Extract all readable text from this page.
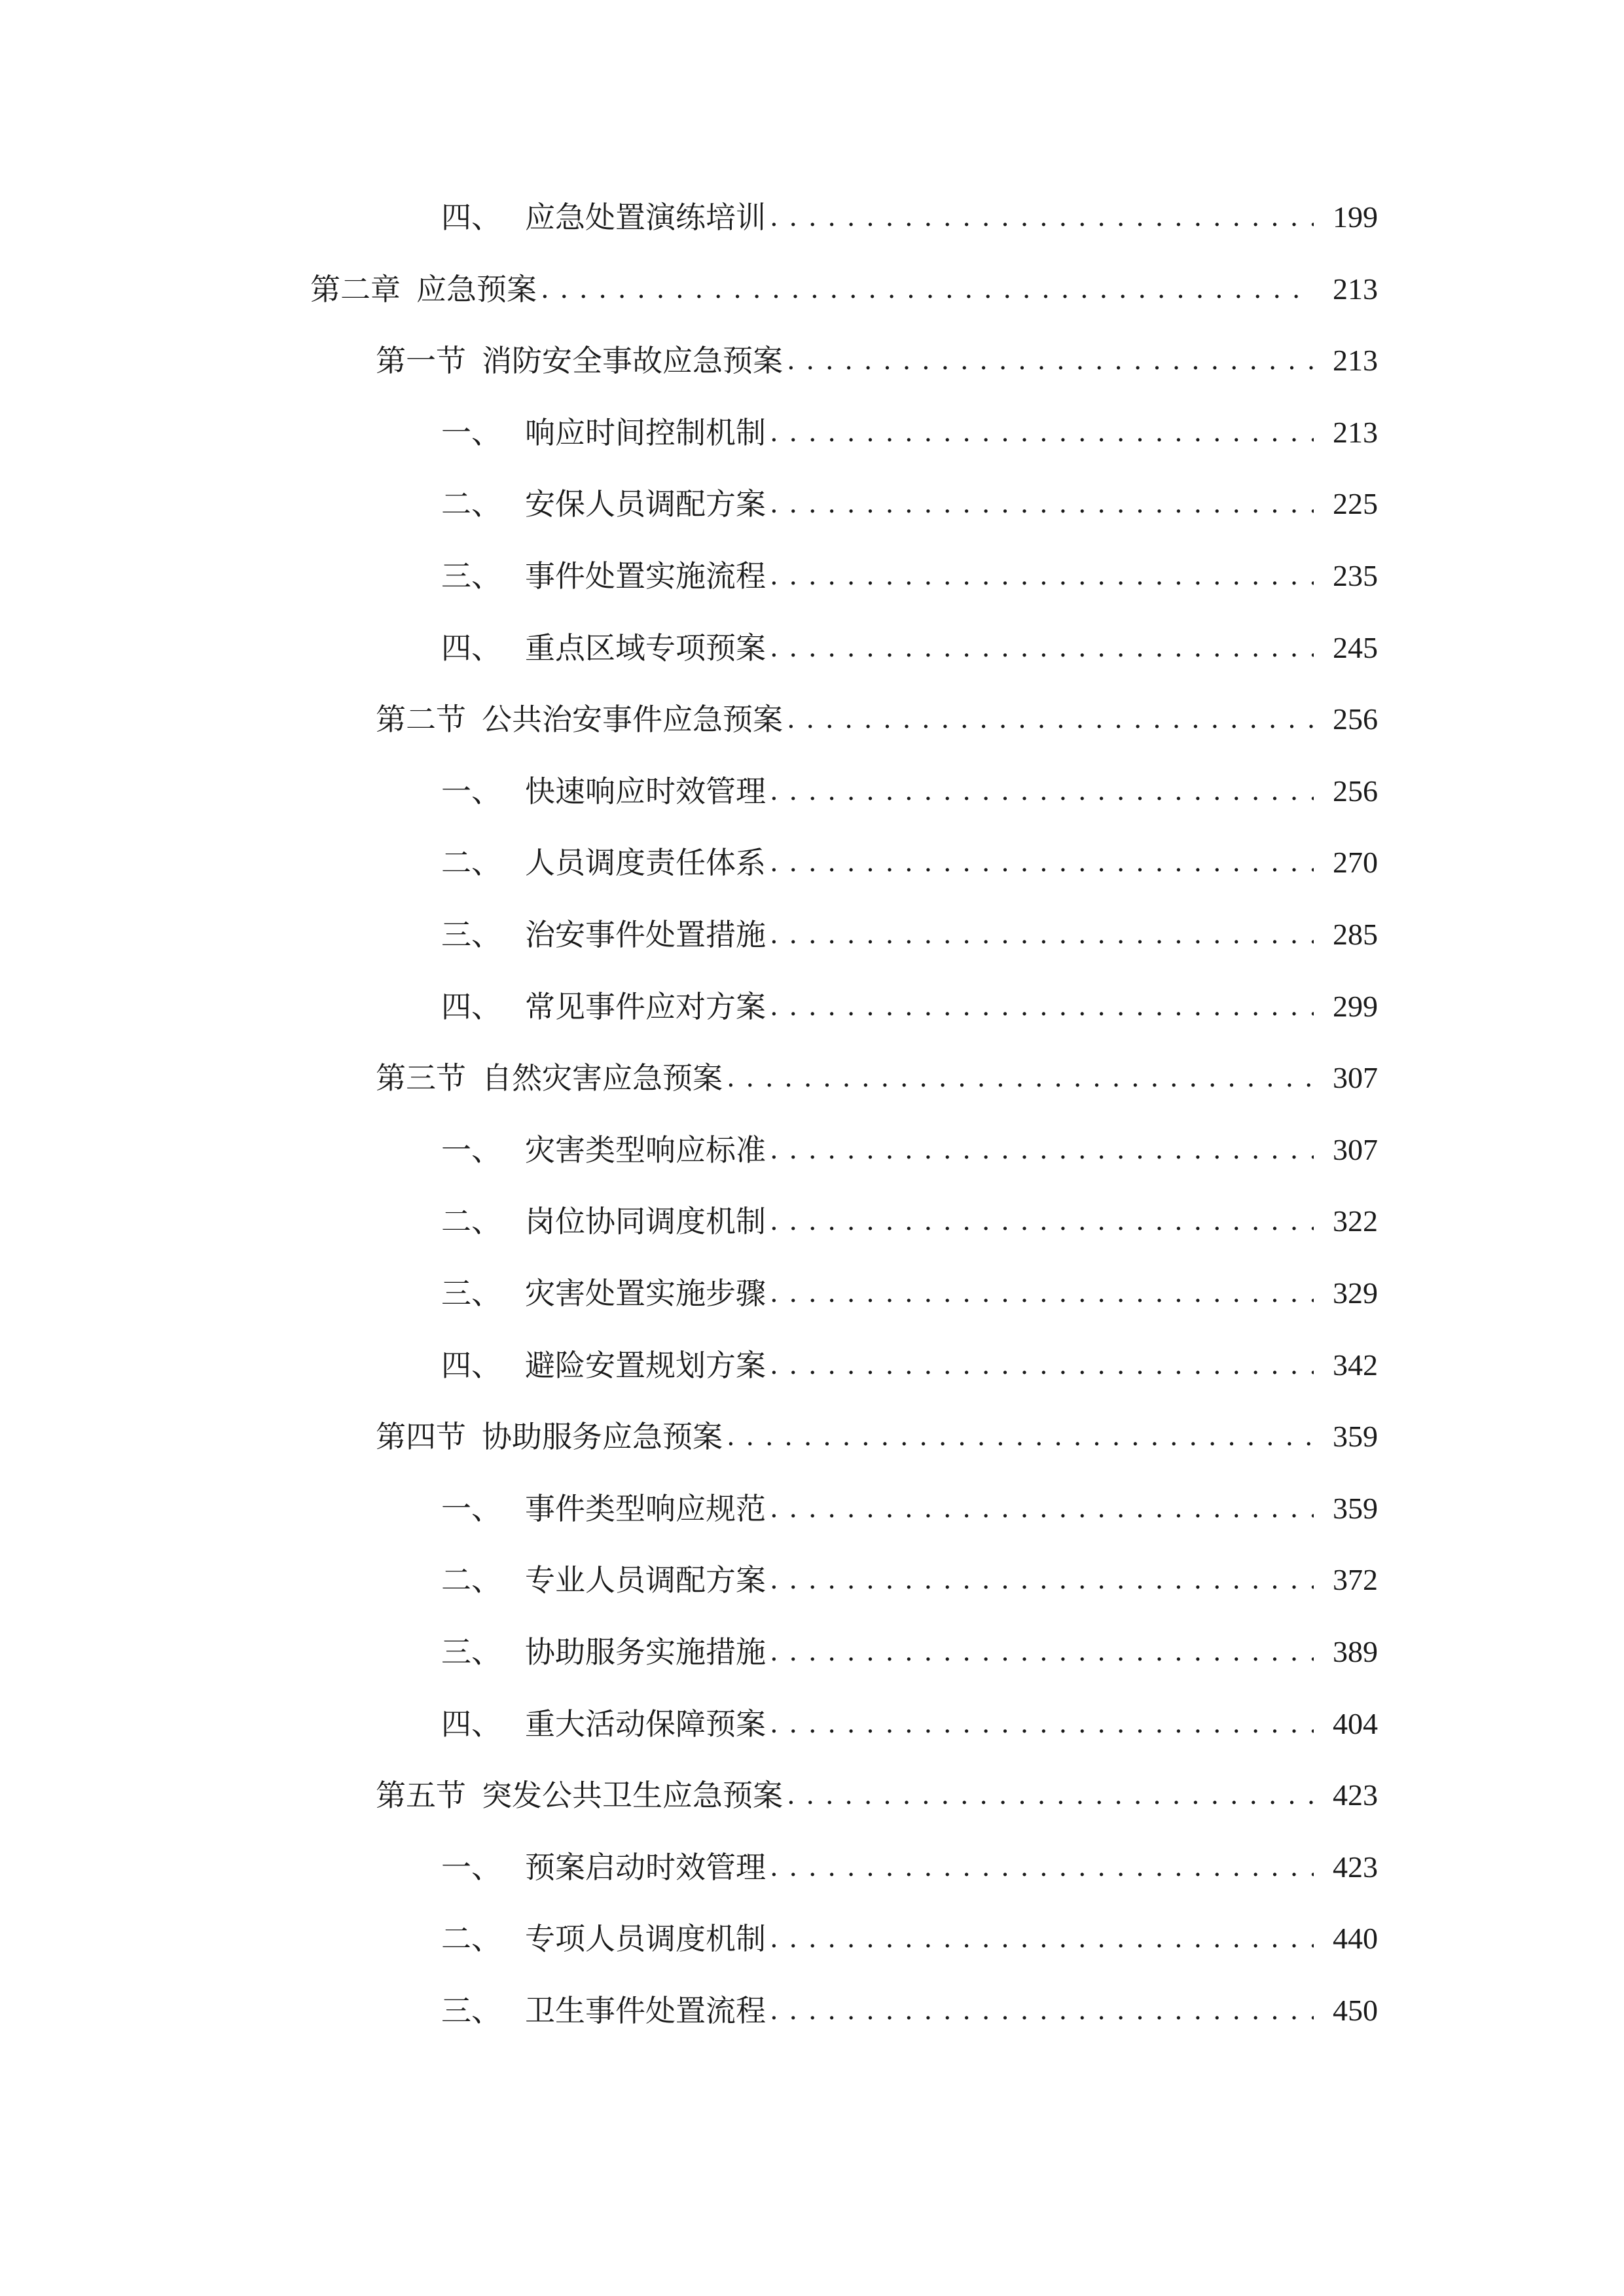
四、 应急处置演练培训 . . .	199
第二章 应急预案 . . .	213
第一节 消防安全事故应急预案 . . .	213
一、 响应时间控制机制 . . .	213
二、 安保人员调配方案 . . .	225
三、 事件处置实施流程 . . .	235
四、 重点区域专项预案 . . .	245
第二节 公共治安事件应急预案 . . .	256
一、 快速响应时效管理 . . .	256
二、 人员调度责任体系 . . .	270
三、 治安事件处置措施 . . .	285
四、 常见事件应对方案 . . .	299
第三节 自然灾害应急预案 . . .	307
一、 灾害类型响应标准 . . .	307
二、 岗位协同调度机制 . . .	322
三、 灾害处置实施步骤 . . .	329
四、 避险安置规划方案 . . .	342
第四节 协助服务应急预案 . . .	359
一、 事件类型响应规范 . . .	359
二、 专业人员调配方案 . . .	372
三、 协助服务实施措施 . . .	389
四、 重大活动保障预案 . . .	404
第五节 突发公共卫生应急预案 . . .	423
一、 预案启动时效管理 . . .	423
二、 专项人员调度机制 . . .	440
三、 卫生事件处置流程 . . .	450
